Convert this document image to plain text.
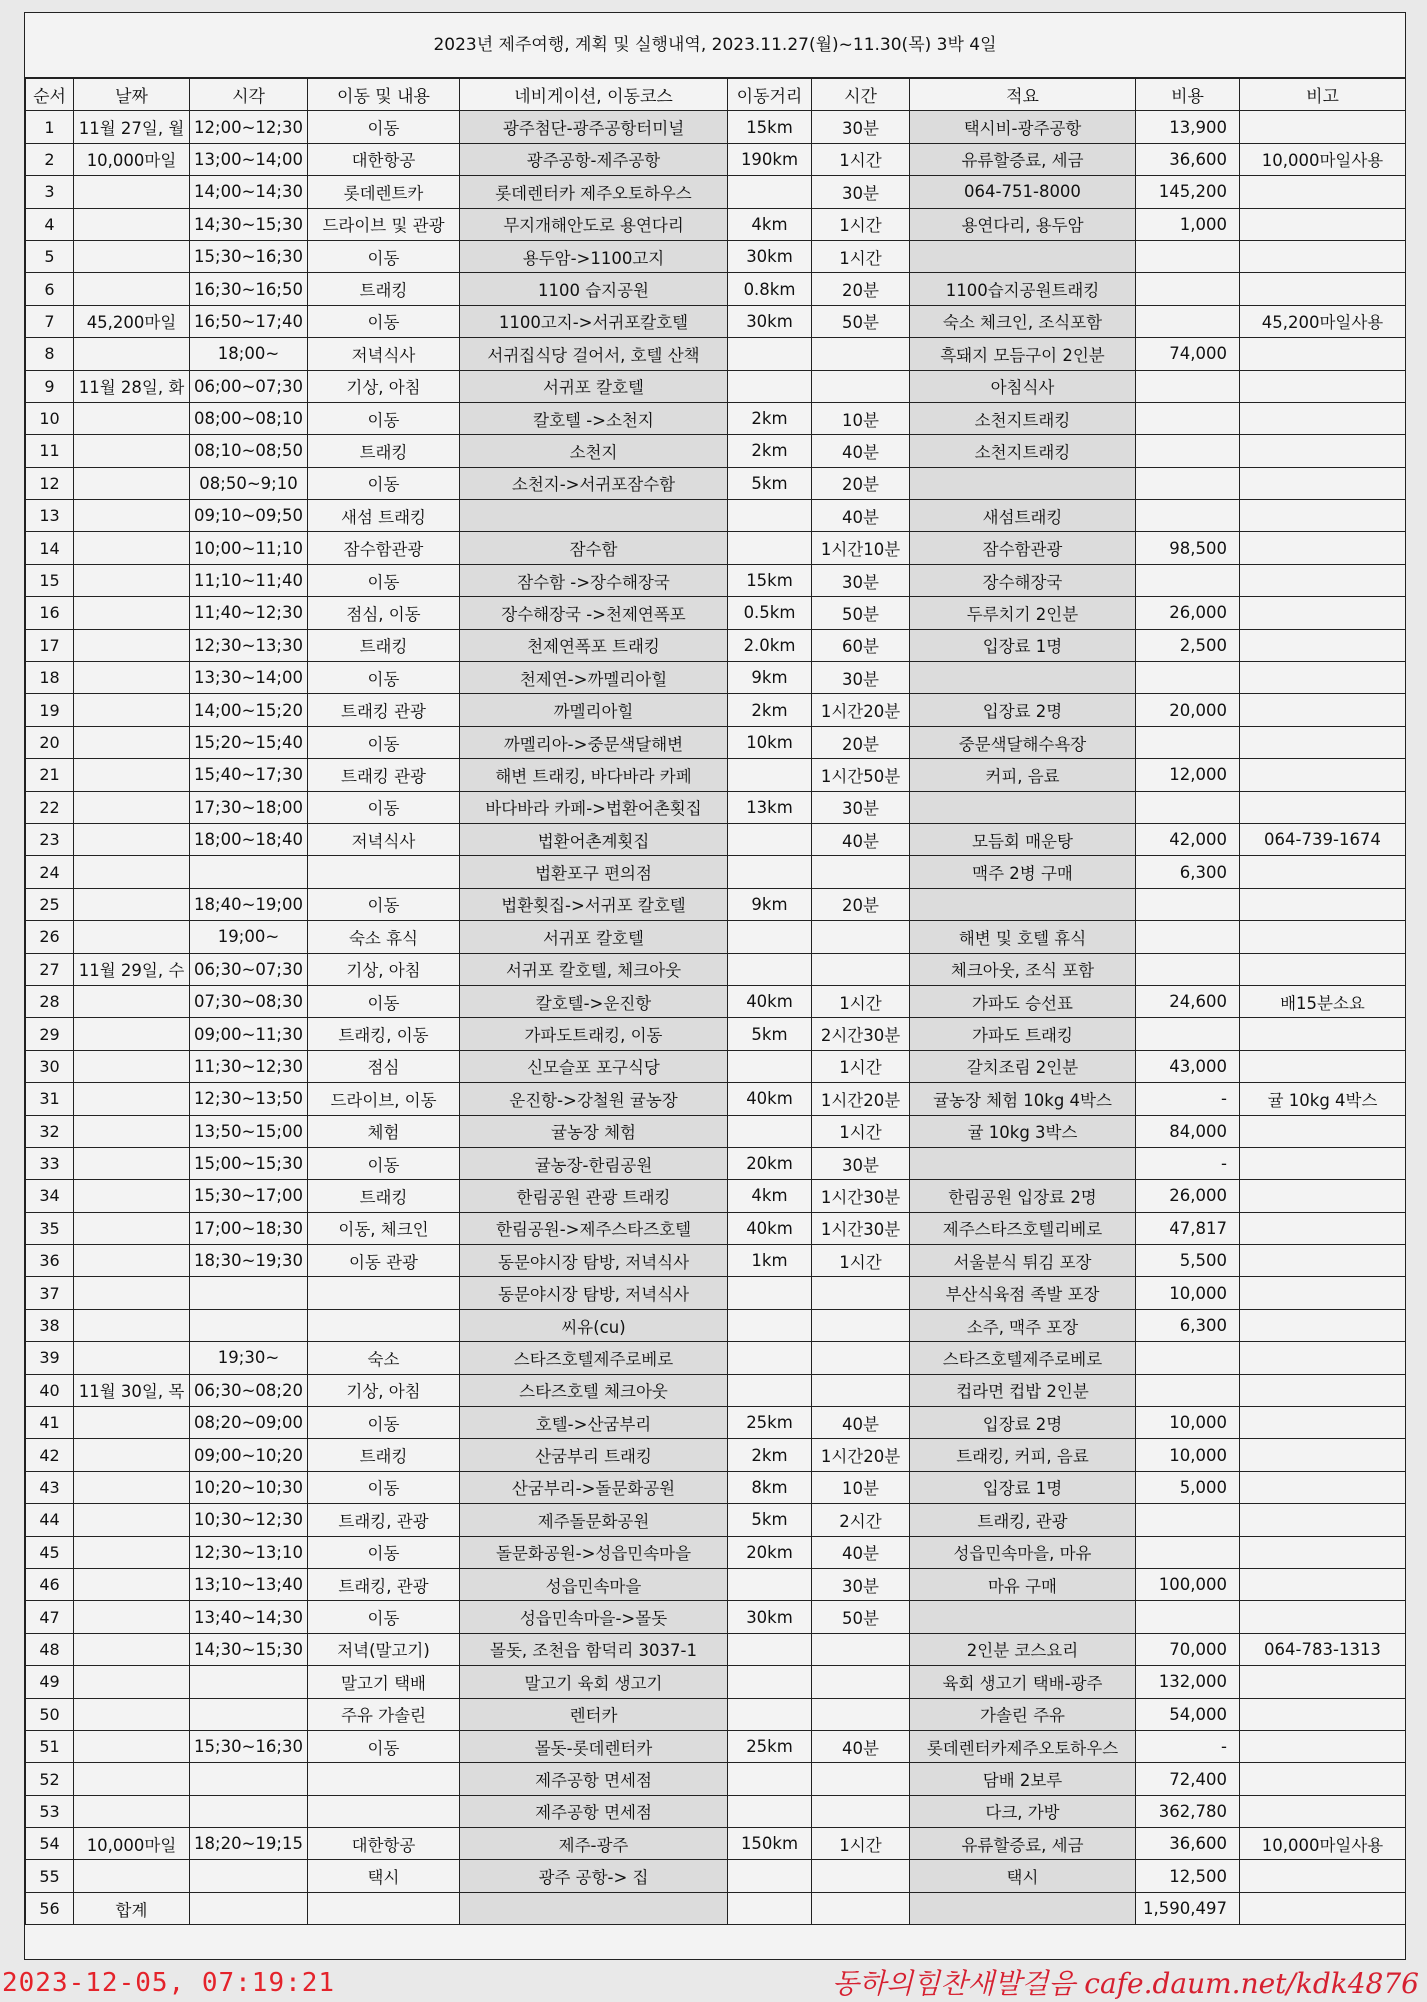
2023년 제주여행, 계획 및 실행내역, 2023.11.27(월)~11.30(목) 3박 4일
순서	날짜	시각	이동 및 내용	네비게이션, 이동코스	이동거리	시간	적요	비용	비고
1	11월 27일, 월	12;00~12;30	이동	광주첨단-광주공항터미널	15km	30분	택시비-광주공항	13,900	
2	10,000마일	13;00~14;00	대한항공	광주공항-제주공항	190km	1시간	유류할증료, 세금	36,600	10,000마일사용
3		14;00~14;30	롯데렌트카	롯데렌터카 제주오토하우스		30분	064-751-8000	145,200	
4		14;30~15;30	드라이브 및 관광	무지개해안도로 용연다리	4km	1시간	용연다리, 용두암	1,000	
5		15;30~16;30	이동	용두암->1100고지	30km	1시간			
6		16;30~16;50	트래킹	1100 습지공원	0.8km	20분	1100습지공원트래킹		
7	45,200마일	16;50~17;40	이동	1100고지->서귀포칼호텔	30km	50분	숙소 체크인, 조식포함		45,200마일사용
8		18;00~	저녁식사	서귀집식당 걸어서, 호텔 산책			흑돼지 모듬구이 2인분	74,000	
9	11월 28일, 화	06;00~07;30	기상, 아침	서귀포 칼호텔			아침식사		
10		08;00~08;10	이동	칼호텔 ->소천지	2km	10분	소천지트래킹		
11		08;10~08;50	트래킹	소천지	2km	40분	소천지트래킹		
12		08;50~9;10	이동	소천지->서귀포잠수함	5km	20분			
13		09;10~09;50	새섬 트래킹			40분	새섬트래킹		
14		10;00~11;10	잠수함관광	잠수함		1시간10분	잠수함관광	98,500	
15		11;10~11;40	이동	잠수함 ->장수해장국	15km	30분	장수해장국		
16		11;40~12;30	점심, 이동	장수해장국 ->천제연폭포	0.5km	50분	두루치기 2인분	26,000	
17		12;30~13;30	트래킹	천제연폭포 트래킹	2.0km	60분	입장료 1명	2,500	
18		13;30~14;00	이동	천제연->까멜리아힐	9km	30분			
19		14;00~15;20	트래킹 관광	까멜리아힐	2km	1시간20분	입장료 2명	20,000	
20		15;20~15;40	이동	까멜리아->중문색달해변	10km	20분	중문색달해수욕장		
21		15;40~17;30	트래킹 관광	해변 트래킹, 바다바라 카페		1시간50분	커피, 음료	12,000	
22		17;30~18;00	이동	바다바라 카페->법환어촌횟집	13km	30분			
23		18;00~18;40	저녁식사	법환어촌계횟집		40분	모듬회 매운탕	42,000	064-739-1674
24				법환포구 편의점			맥주 2병 구매	6,300	
25		18;40~19;00	이동	법환횟집->서귀포 칼호텔	9km	20분			
26		19;00~	숙소 휴식	서귀포 칼호텔			해변 및 호텔 휴식		
27	11월 29일, 수	06;30~07;30	기상, 아침	서귀포 칼호텔, 체크아웃			체크아웃, 조식 포함		
28		07;30~08;30	이동	칼호텔->운진항	40km	1시간	가파도 승선표	24,600	배15분소요
29		09;00~11;30	트래킹, 이동	가파도트래킹, 이동	5km	2시간30분	가파도 트래킹		
30		11;30~12;30	점심	신모슬포 포구식당		1시간	갈치조림 2인분	43,000	
31		12;30~13;50	드라이브, 이동	운진항->강철원 귤농장	40km	1시간20분	귤농장 체험 10kg 4박스	-	귤 10kg 4박스
32		13;50~15;00	체험	귤농장 체험		1시간	귤 10kg 3박스	84,000	
33		15;00~15;30	이동	귤농장-한림공원	20km	30분		-	
34		15;30~17;00	트래킹	한림공원 관광 트래킹	4km	1시간30분	한림공원 입장료 2명	26,000	
35		17;00~18;30	이동, 체크인	한림공원->제주스타즈호텔	40km	1시간30분	제주스타즈호텔리베로	47,817	
36		18;30~19;30	이동 관광	동문야시장 탐방, 저녁식사	1km	1시간	서울분식 튀김 포장	5,500	
37				동문야시장 탐방, 저녁식사			부산식육점 족발 포장	10,000	
38				씨유(cu)			소주, 맥주 포장	6,300	
39		19;30~	숙소	스타즈호텔제주로베로			스타즈호텔제주로베로		
40	11월 30일, 목	06;30~08;20	기상, 아침	스타즈호텔 체크아웃			컵라면 컵밥 2인분		
41		08;20~09;00	이동	호텔->산굼부리	25km	40분	입장료 2명	10,000	
42		09;00~10;20	트래킹	산굼부리 트래킹	2km	1시간20분	트래킹, 커피, 음료	10,000	
43		10;20~10;30	이동	산굼부리->돌문화공원	8km	10분	입장료 1명	5,000	
44		10;30~12;30	트래킹, 관광	제주돌문화공원	5km	2시간	트래킹, 관광		
45		12;30~13;10	이동	돌문화공원->성읍민속마을	20km	40분	성읍민속마을, 마유		
46		13;10~13;40	트래킹, 관광	성읍민속마을		30분	마유 구매	100,000	
47		13;40~14;30	이동	성읍민속마을->몰돗	30km	50분			
48		14;30~15;30	저녁(말고기)	몰돗, 조천읍 함덕리 3037-1			2인분 코스요리	70,000	064-783-1313
49			말고기 택배	말고기 육회 생고기			육회 생고기 택배-광주	132,000	
50			주유 가솔린	렌터카			가솔린 주유	54,000	
51		15;30~16;30	이동	몰돗-롯데렌터카	25km	40분	롯데렌터카제주오토하우스	-	
52				제주공항 면세점			담배 2보루	72,400	
53				제주공항 면세점			다크, 가방	362,780	
54	10,000마일	18;20~19;15	대한항공	제주-광주	150km	1시간	유류할증료, 세금	36,600	10,000마일사용
55			택시	광주 공항-> 집			택시	12,500	
56	합계							1,590,497	
2023-12-05, 07:19:21	동하의힘찬새발걸음 cafe.daum.net/kdk4876
